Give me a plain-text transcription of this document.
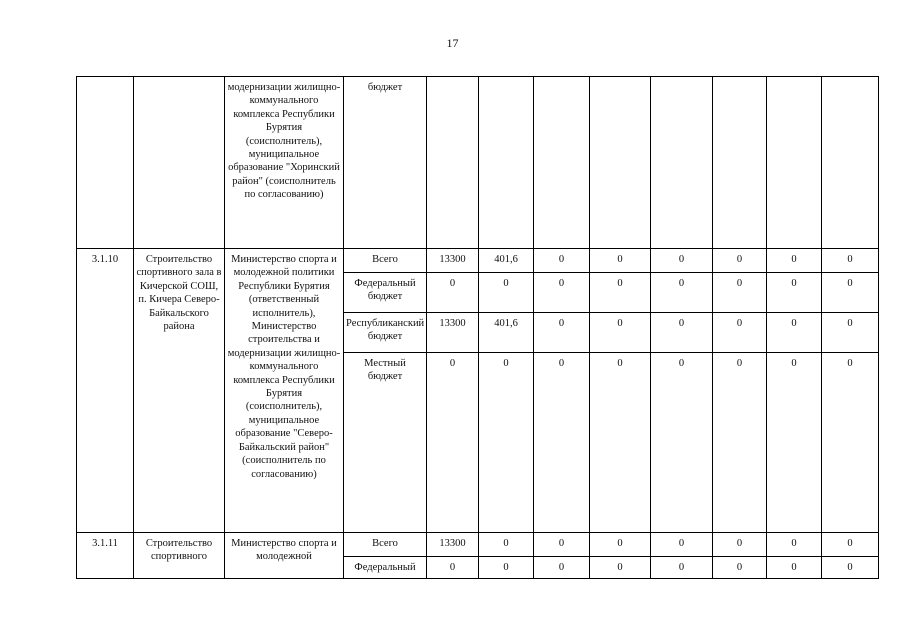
17
		модернизации жилищно-коммунального комплекса Республики Бурятия (соисполнитель), муниципальное образование "Хоринский район" (соисполнитель по согласованию)	бюджет								
3.1.10	Строительство спортивного зала в Кичерской СОШ, п. Кичера Северо-Байкальского района	Министерство спорта и молодежной политики Республики Бурятия (ответственный исполнитель), Министерство строительства и модернизации жилищно-коммунального комплекса Республики Бурятия (соисполнитель), муниципальное образование "Северо-Байкальский район" (соисполнитель по согласованию)	Всего	13300	401,6	0	0	0	0	0	0
			Федеральный бюджет	0	0	0	0	0	0	0	0
			Республиканский бюджет	13300	401,6	0	0	0	0	0	0
			Местный бюджет	0	0	0	0	0	0	0	0
3.1.11	Строительство спортивного	Министерство спорта и молодежной	Всего	13300	0	0	0	0	0	0	0
			Федеральный	0	0	0	0	0	0	0	0
